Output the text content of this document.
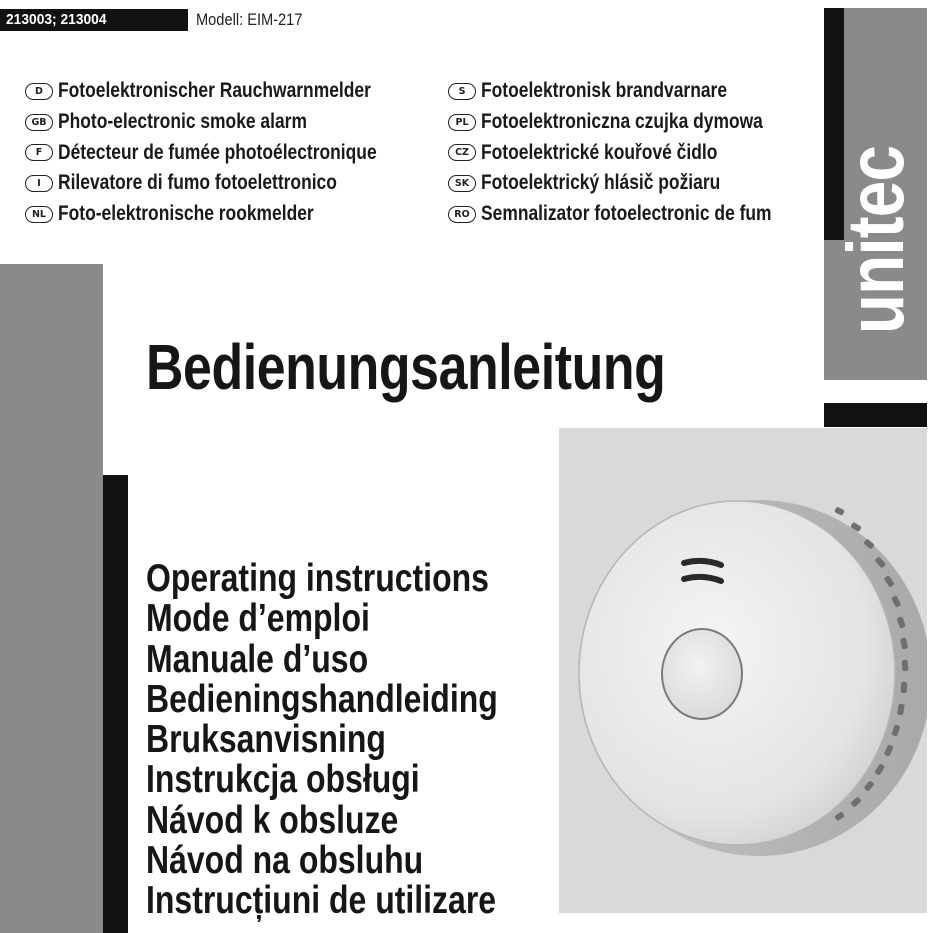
213003; 213004	Modell: EIM-217
D Fotoelektronischer Rauchwarnmelder
GB Photo-electronic smoke alarm
F Détecteur de fumée photoélectronique
I Rilevatore di fumo fotoelettronico
NL Foto-elektronische rookmelder
S Fotoelektronisk brandvarnare
PL Fotoelektroniczna czujka dymowa
CZ Fotoelektrické kouřové čidlo
SK Fotoelektrický hlásič požiaru
RO Semnalizator fotoelectronic de fum unitec
Bedienungsanleitung
Operating instructions
Mode d’emploi
Manuale d’uso
Bedieningshandleiding
Bruksanvisning
Instrukcja obsługi
Návod k obsluze
Návod na obsluhu
Instrucțiuni de utilizare
